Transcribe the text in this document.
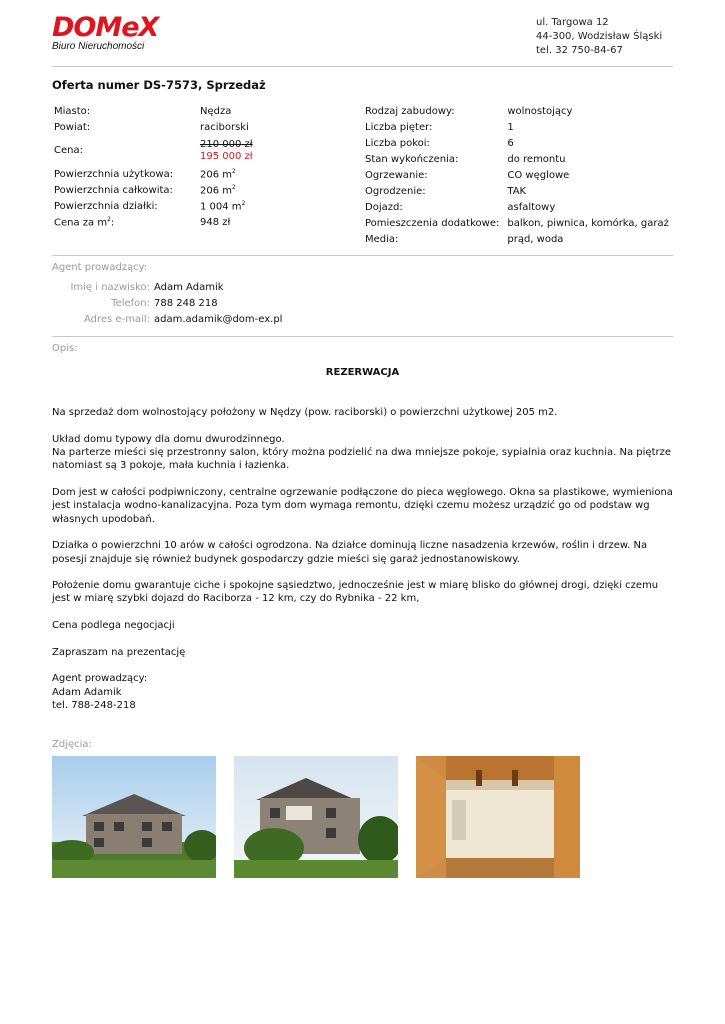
DOMeX
Biuro Nieruchomości
ul. Targowa 12
44-300, Wodzisław Śląski
tel. 32 750-84-67
Oferta numer DS-7573, Sprzedaż
Miasto:	Nędza
Powiat:	raciborski
Cena:	210 000 zł
195 000 zł

Powierzchnia użytkowa:	206 $m^2$
Powierzchnia całkowita:	206 $m^2$
Powierzchnia działki:	1 004 $m^2$
Cena za $m^2$:	948 zł
Rodzaj zabudowy:	wolnostojący
Liczba pięter:	1
Liczba pokoi:	6
Stan wykończenia:	do remontu
Ogrzewanie:	CO węglowe
Ogrodzenie:	TAK
Dojazd:	asfaltowy
Pomieszczenia dodatkowe:	balkon, piwnica, komórka, garaż
Media:	prąd, woda
Agent prowadzący:
Imię i nazwisko:	Adam Adamik
Telefon:	788 248 218
Adres e-mail:	adam.adamik@dom-ex.pl
Opis:
REZERWACJA

Na sprzedaż dom wolnostojący położony w Nędzy (pow. raciborski) o powierzchni użytkowej 205 m2.

Układ domu typowy dla domu dwurodzinnego.
Na parterze mieści się przestronny salon, który można podzielić na dwa mniejsze pokoje, sypialnia oraz kuchnia. Na piętrze natomiast są 3 pokoje, mała kuchnia i łazienka.

Dom jest w całości podpiwniczony, centralne ogrzewanie podłączone do pieca węglowego. Okna sa plastikowe, wymieniona jest instalacja wodno-kanalizacyjna. Poza tym dom wymaga remontu, dzięki czemu możesz urządzić go od podstaw wg własnych upodobań.

Działka o powierzchni 10 arów w całości ogrodzona. Na działce dominują liczne nasadzenia krzewów, roślin i drzew. Na posesji znajduje się również budynek gospodarczy gdzie mieści się garaż jednostanowiskowy.

Położenie domu gwarantuje ciche i spokojne sąsiedztwo, jednocześnie jest w miarę blisko do głównej drogi, dzięki czemu jest w miarę szybki dojazd do Raciborza - 12 km, czy do Rybnika - 22 km,

Cena podlega negocjacji

Zapraszam na prezentację

Agent prowadzący:
Adam Adamik
tel. 788-248-218

Zdjęcia:
